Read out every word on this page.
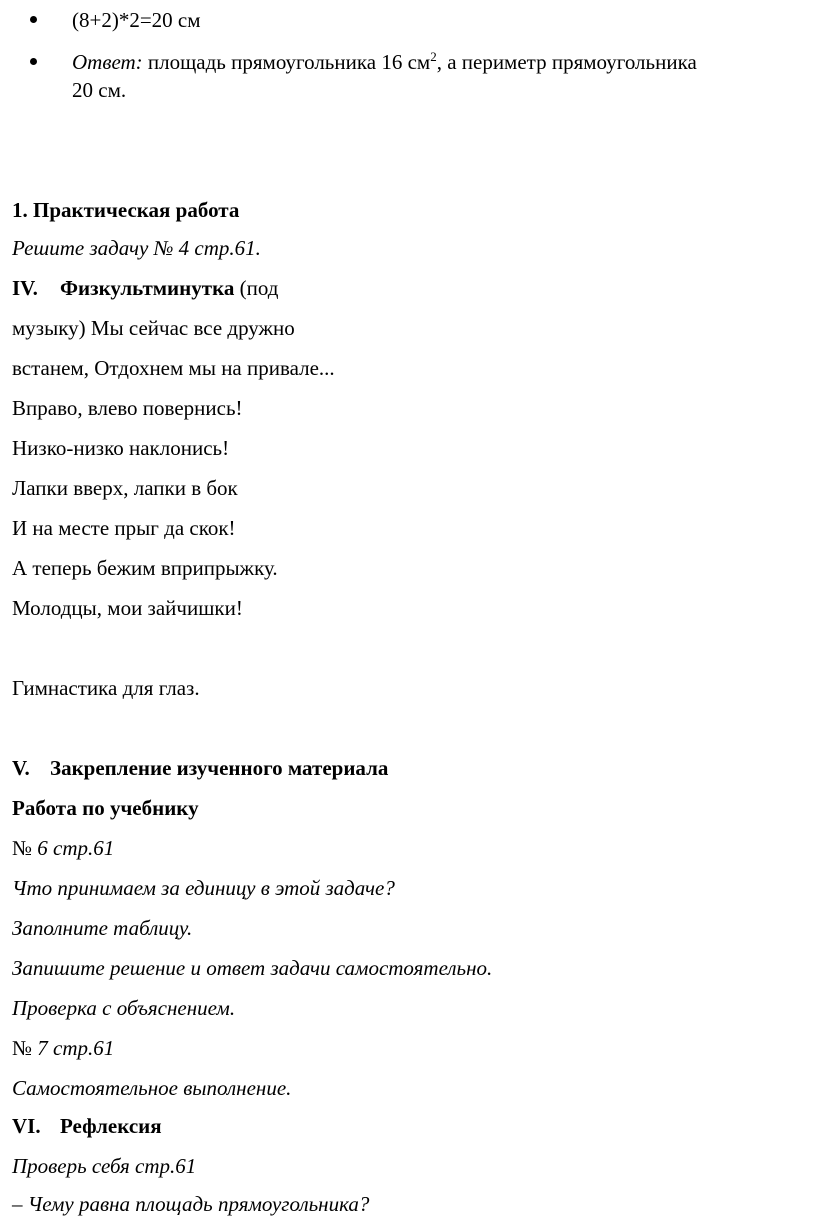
(8+2)*2=20 см
Ответ: площадь прямоугольника 16 $см^2$, а периметр прямоугольника
20 см.
1. Практическая работа
Решите задачу № 4 стр.61.
IV. Физкультминутка (под
музыку) Мы сейчас все дружно
встанем, Отдохнем мы на привале...
Вправо, влево повернись!
Низко-низко наклонись!
Лапки вверх, лапки в бок
И на месте прыг да скок!
А теперь бежим вприпрыжку.
Молодцы, мои зайчишки!
Гимнастика для глаз.
V. Закрепление изученного материала
Работа по учебнику
№ 6 стр.61
Что принимаем за единицу в этой задаче?
Заполните таблицу.
Запишите решение и ответ задачи самостоятельно.
Проверка с объяснением.
№ 7 стр.61
Самостоятельное выполнение.
VI. Рефлексия
Проверь себя стр.61
– Чему равна площадь прямоугольника?
